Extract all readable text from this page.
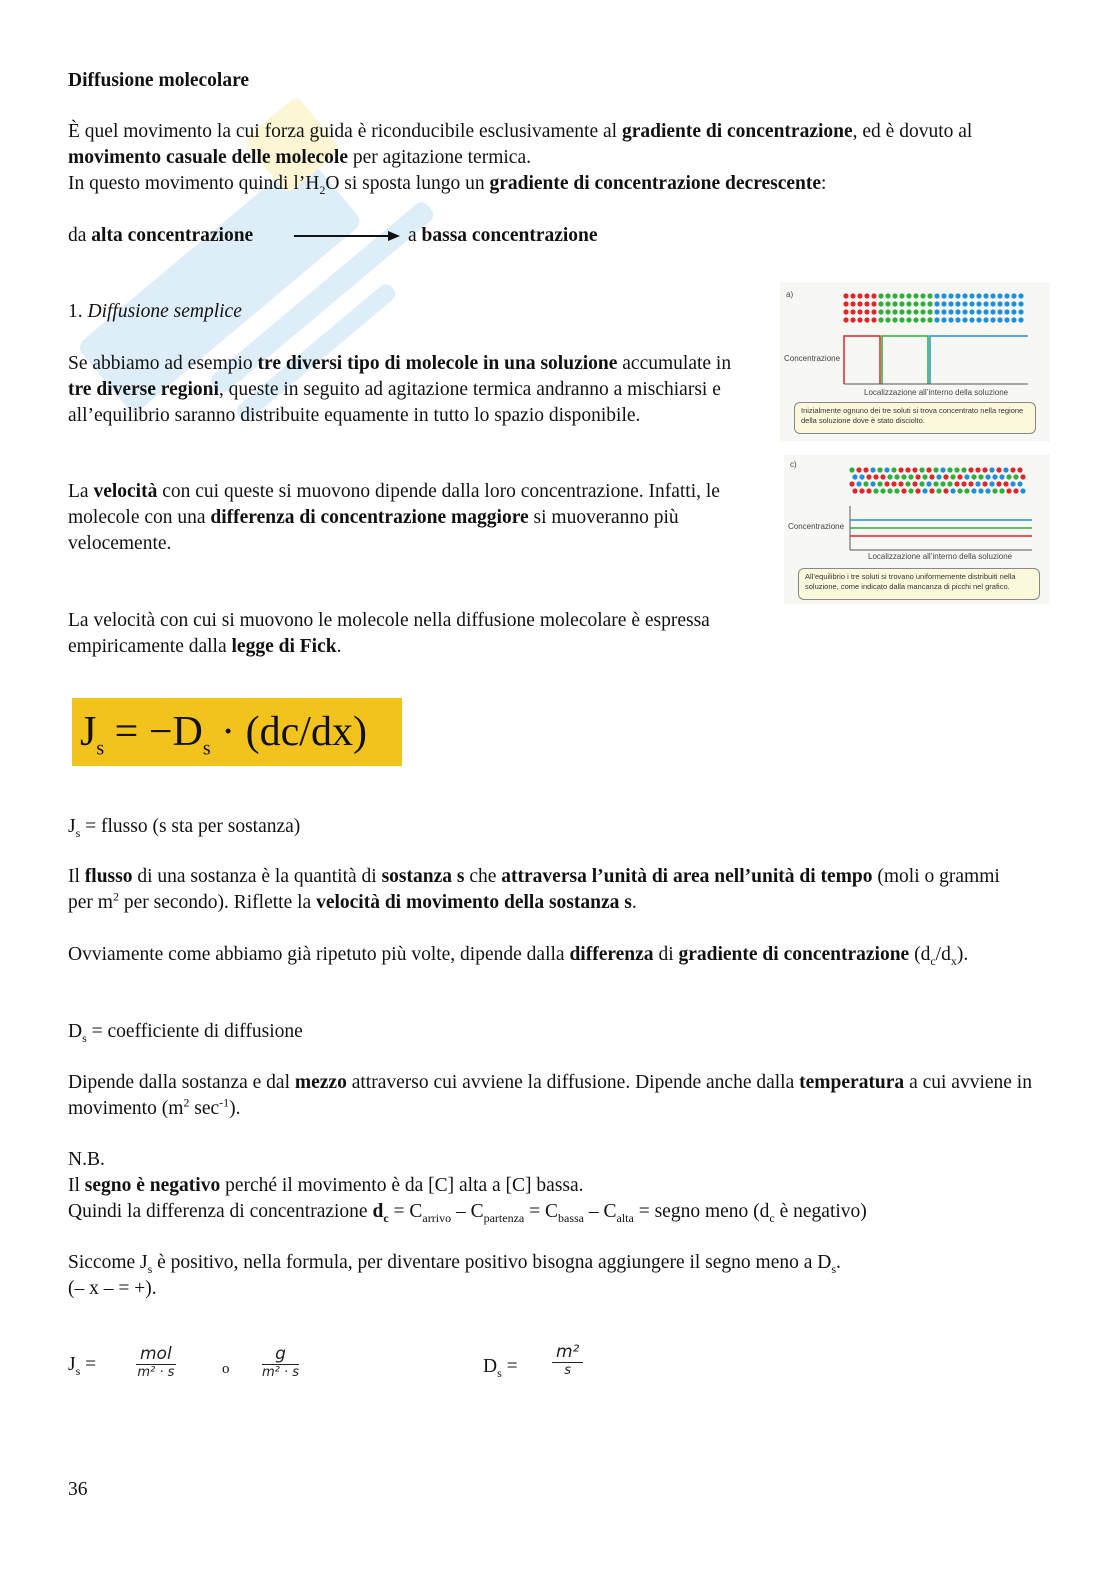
Diffusione molecolare

È quel movimento la cui forza guida è riconducibile esclusivamente al gradiente di concentrazione, ed è dovuto al movimento casuale delle molecole per agitazione termica.
In questo movimento quindi $l’H_2O$ si sposta lungo un gradiente di concentrazione decrescente:

da alta concentrazione	a bassa concentrazione

1. Diffusione semplice

Se abbiamo ad esempio tre diversi tipo di molecole in una soluzione accumulate in tre diverse regioni, queste in seguito ad agitazione termica andranno a mischiarsi e all’equilibrio saranno distribuite equamente in tutto lo spazio disponibile.

La velocità con cui queste si muovono dipende dalla loro concentrazione. Infatti, le molecole con una differenza di concentrazione maggiore si muoveranno più velocemente.

La velocità con cui si muovono le molecole nella diffusione molecolare è espressa empiricamente dalla legge di Fick.

a)
Concentrazione
Localizzazione all’interno della soluzione
Inizialmente ognuno dei tre soluti si trova concentrato nella regione della soluzione dove è stato disciolto.
c)
Concentrazione
Localizzazione all’interno della soluzione
All’equilibrio i tre soluti si trovano uniformemente distribuiti nella soluzione, come indicato dalla mancanza di picchi nel grafico.
$J_s = -D_s \cdot (dc/dx)$

$J_s$ = flusso (s sta per sostanza)

Il flusso di una sostanza è la quantità di sostanza s che attraversa l’unità di area nell’unità di tempo (moli o grammi per $m^2$ per secondo). Riflette la velocità di movimento della sostanza s.

Ovviamente come abbiamo già ripetuto più volte, dipende dalla differenza di gradiente di concentrazione $(d_c/d_x)$.

$D_s$ = coefficiente di diffusione

Dipende dalla sostanza e dal mezzo attraverso cui avviene la diffusione. Dipende anche dalla temperatura a cui avviene in movimento ($m^2$ $\sec^{-1}$).

N.B.
Il segno è negativo perché il movimento è da [C] alta a [C] bassa.
Quindi la differenza di concentrazione $d_c = C_{arrivo} - C_{partenza} = C_{bassa} - C_{alta}$ = segno meno ($d_c$ è negativo)

Siccome $J_s$ è positivo, nella formula, per diventare positivo bisogna aggiungere il segno meno a $D_s$.
(– x – = +).

$J_s$ =	mol
m² · s	o
g
m² · s	$D_s$ =
m²
s

36
